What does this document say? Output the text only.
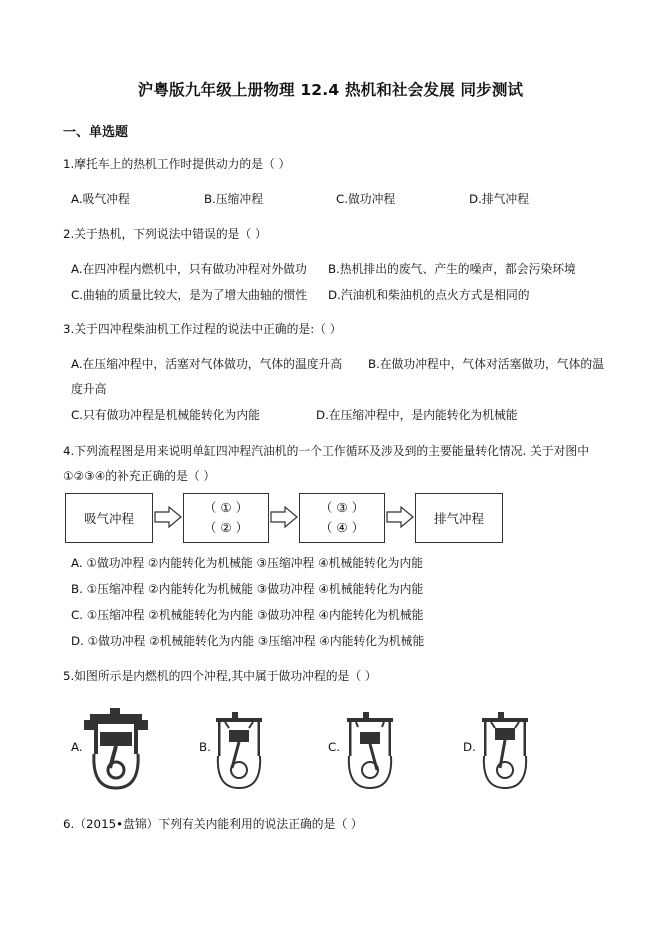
沪粤版九年级上册物理 12.4 热机和社会发展 同步测试
一、单选题
1.摩托车上的热机工作时提供动力的是（ ）
A.吸气冲程	B.压缩冲程	C.做功冲程	D.排气冲程
2.关于热机，下列说法中错误的是（ ）
A.在四冲程内燃机中，只有做功冲程对外做功 B.热机排出的废气、产生的噪声，都会污染环境
C.曲轴的质量比较大，是为了增大曲轴的惯性 D.汽油机和柴油机的点火方式是相同的
3.关于四冲程柴油机工作过程的说法中正确的是:（ ）
A.在压缩冲程中，活塞对气体做功，气体的温度升高 B.在做功冲程中，气体对活塞做功，气体的温
度升高
C.只有做功冲程是机械能转化为内能	D.在压缩冲程中，是内能转化为机械能
4.下列流程图是用来说明单缸四冲程汽油机的一个工作循环及涉及到的主要能量转化情况. 关于对图中
①②③④的补充正确的是（ ）
吸气冲程
（ ① ）
（ ② ）
（ ③ ）
（ ④ ）
排气冲程
A. ①做功冲程 ②内能转化为机械能 ③压缩冲程 ④机械能转化为内能
B. ①压缩冲程 ②内能转化为机械能 ③做功冲程 ④机械能转化为内能
C. ①压缩冲程 ②机械能转化为内能 ③做功冲程 ④内能转化为机械能
D. ①做功冲程 ②机械能转化为内能 ③压缩冲程 ④内能转化为机械能
5.如图所示是内燃机的四个冲程,其中属于做功冲程的是（ ）
A.	B.	C.	D.
6.（2015•盘锦）下列有关内能利用的说法正确的是（ ）
